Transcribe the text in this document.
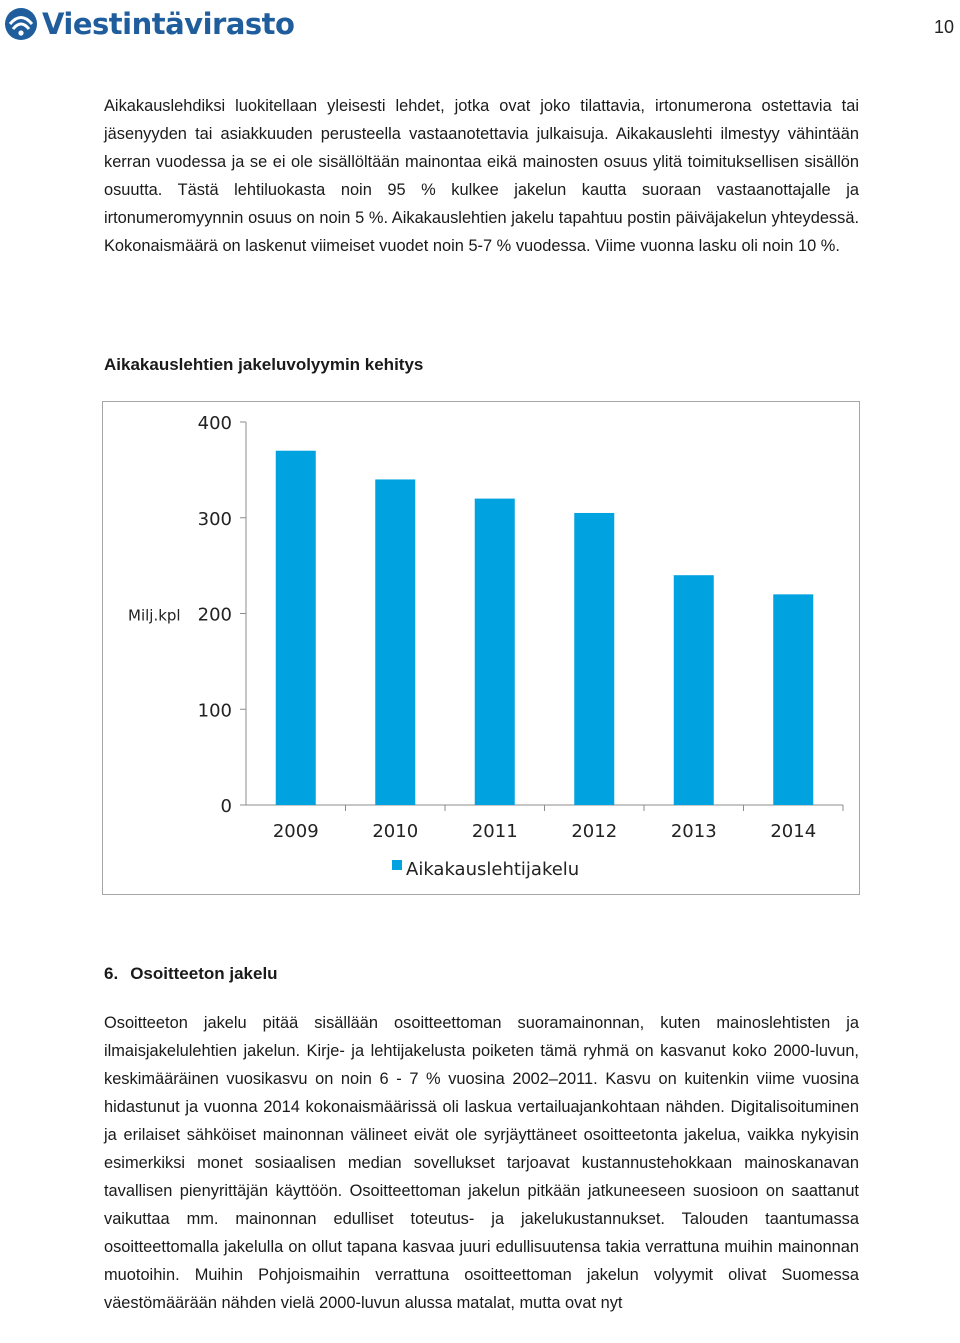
Viestintävirasto	10

Aikakauslehdiksi luokitellaan yleisesti lehdet, jotka ovat joko tilattavia, irtonumerona ostettavia tai jäsenyyden tai asiakkuuden perusteella vastaanotettavia julkaisuja. Aikakauslehti ilmestyy vähintään kerran vuodessa ja se ei ole sisällöltään mainontaa eikä mainosten osuus ylitä toimituksellisen sisällön osuutta. Tästä lehtiluokasta noin 95 % kulkee jakelun kautta suoraan vastaanottajalle ja irtonumeromyynnin osuus on noin 5 %. Aikakauslehtien jakelu tapahtuu postin päiväjakelun yhteydessä. Kokonaismäärä on laskenut viimeiset vuodet noin 5-7 % vuodessa. Viime vuonna lasku oli noin 10 %.

Aikakauslehtien jakeluvolyymin kehitys
0
100
200
300
400
Milj.kpl
2009	2010	2011	2012	2013	2014
Aikakauslehtijakelu
6. Osoitteeton jakelu

Osoitteeton jakelu pitää sisällään osoitteettoman suoramainonnan, kuten mainoslehtisten ja ilmaisjakelulehtien jakelun. Kirje- ja lehtijakelusta poiketen tämä ryhmä on kasvanut koko 2000-luvun, keskimääräinen vuosikasvu on noin 6 - 7 % vuosina 2002–2011. Kasvu on kuitenkin viime vuosina hidastunut ja vuonna 2014 kokonaismäärissä oli laskua vertailuajankohtaan nähden. Digitalisoituminen ja erilaiset sähköiset mainonnan välineet eivät ole syrjäyttäneet osoitteetonta jakelua, vaikka nykyisin esimerkiksi monet sosiaalisen median sovellukset tarjoavat kustannustehokkaan mainoskanavan tavallisen pienyrittäjän käyttöön. Osoitteettoman jakelun pitkään jatkuneeseen suosioon on saattanut vaikuttaa mm. mainonnan edulliset toteutus- ja jakelukustannukset. Talouden taantumassa osoitteettomalla jakelulla on ollut tapana kasvaa juuri edullisuutensa takia verrattuna muihin mainonnan muotoihin. Muihin Pohjoismaihin verrattuna osoitteettoman jakelun volyymit olivat Suomessa väestömäärään nähden vielä 2000-luvun alussa matalat, mutta ovat nyt
